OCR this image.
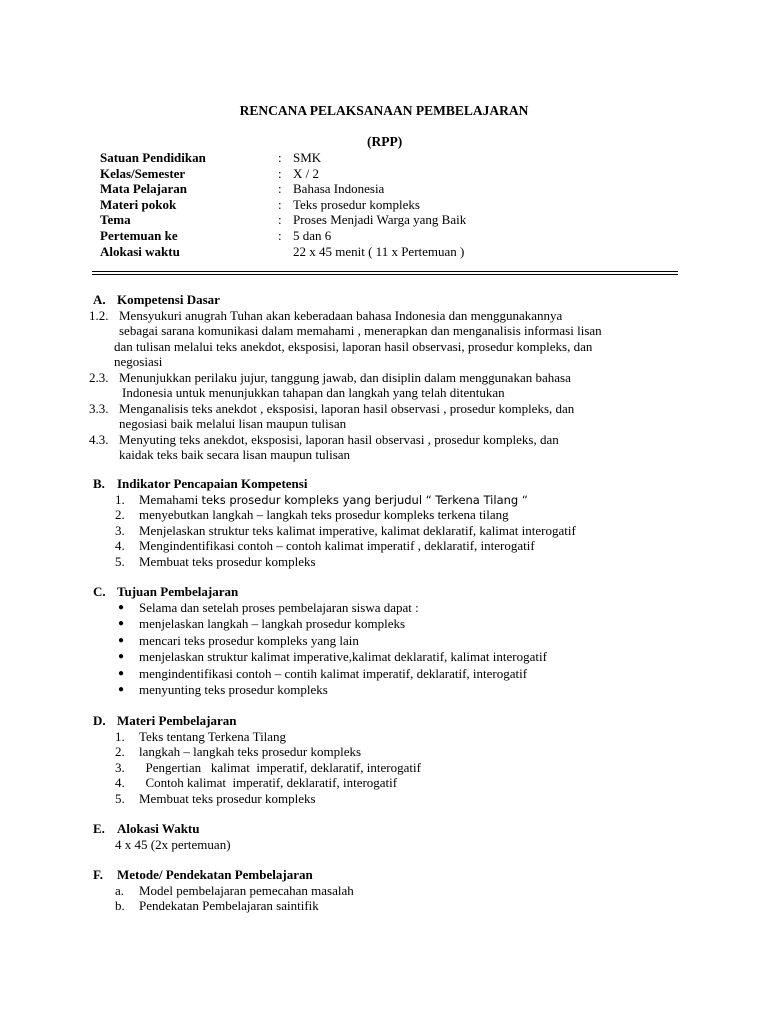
RENCANA PELAKSANAAN PEMBELAJARAN
(RPP)
Satuan Pendidikan	: SMK
Kelas/Semester	: X / 2
Mata Pelajaran	: Bahasa Indonesia
Materi pokok	: Teks prosedur kompleks
Tema	: Proses Menjadi Warga yang Baik
Pertemuan ke	: 5 dan 6
Alokasi waktu	22 x 45 menit ( 11 x Pertemuan )
A. Kompetensi Dasar
1.2. Mensyukuri anugrah Tuhan akan keberadaan bahasa Indonesia dan menggunakannya
sebagai sarana komunikasi dalam memahami , menerapkan dan menganalisis informasi lisan
dan tulisan melalui teks anekdot, eksposisi, laporan hasil observasi, prosedur kompleks, dan
negosiasi
2.3. Menunjukkan perilaku jujur, tanggung jawab, dan disiplin dalam menggunakan bahasa
Indonesia untuk menunjukkan tahapan dan langkah yang telah ditentukan
3.3. Menganalisis teks anekdot , eksposisi, laporan hasil observasi , prosedur kompleks, dan
negosiasi baik melalui lisan maupun tulisan
4.3. Menyuting teks anekdot, eksposisi, laporan hasil observasi , prosedur kompleks, dan
kaidak teks baik secara lisan maupun tulisan
B. Indikator Pencapaian Kompetensi
1. Memahami teks prosedur kompleks yang berjudul “ Terkena Tilang “
2. menyebutkan langkah – langkah teks prosedur kompleks terkena tilang
3. Menjelaskan struktur teks kalimat imperative, kalimat deklaratif, kalimat interogatif
4. Mengindentifikasi contoh – contoh kalimat imperatif , deklaratif, interogatif
5. Membuat teks prosedur kompleks
C. Tujuan Pembelajaran
● Selama dan setelah proses pembelajaran siswa dapat :
● menjelaskan langkah – langkah prosedur kompleks
● mencari teks prosedur kompleks yang lain
● menjelaskan struktur kalimat imperative,kalimat deklaratif, kalimat interogatif
● mengindentifikasi contoh – contih kalimat imperatif, deklaratif, interogatif
● menyunting teks prosedur kompleks
D. Materi Pembelajaran
1. Teks tentang Terkena Tilang
2. langkah – langkah teks prosedur kompleks
3. Pengertian   kalimat  imperatif, deklaratif, interogatif
4. Contoh kalimat  imperatif, deklaratif, interogatif
5. Membuat teks prosedur kompleks
E. Alokasi Waktu
4 x 45 (2x pertemuan)
F. Metode/ Pendekatan Pembelajaran
a. Model pembelajaran pemecahan masalah
b. Pendekatan Pembelajaran saintifik
